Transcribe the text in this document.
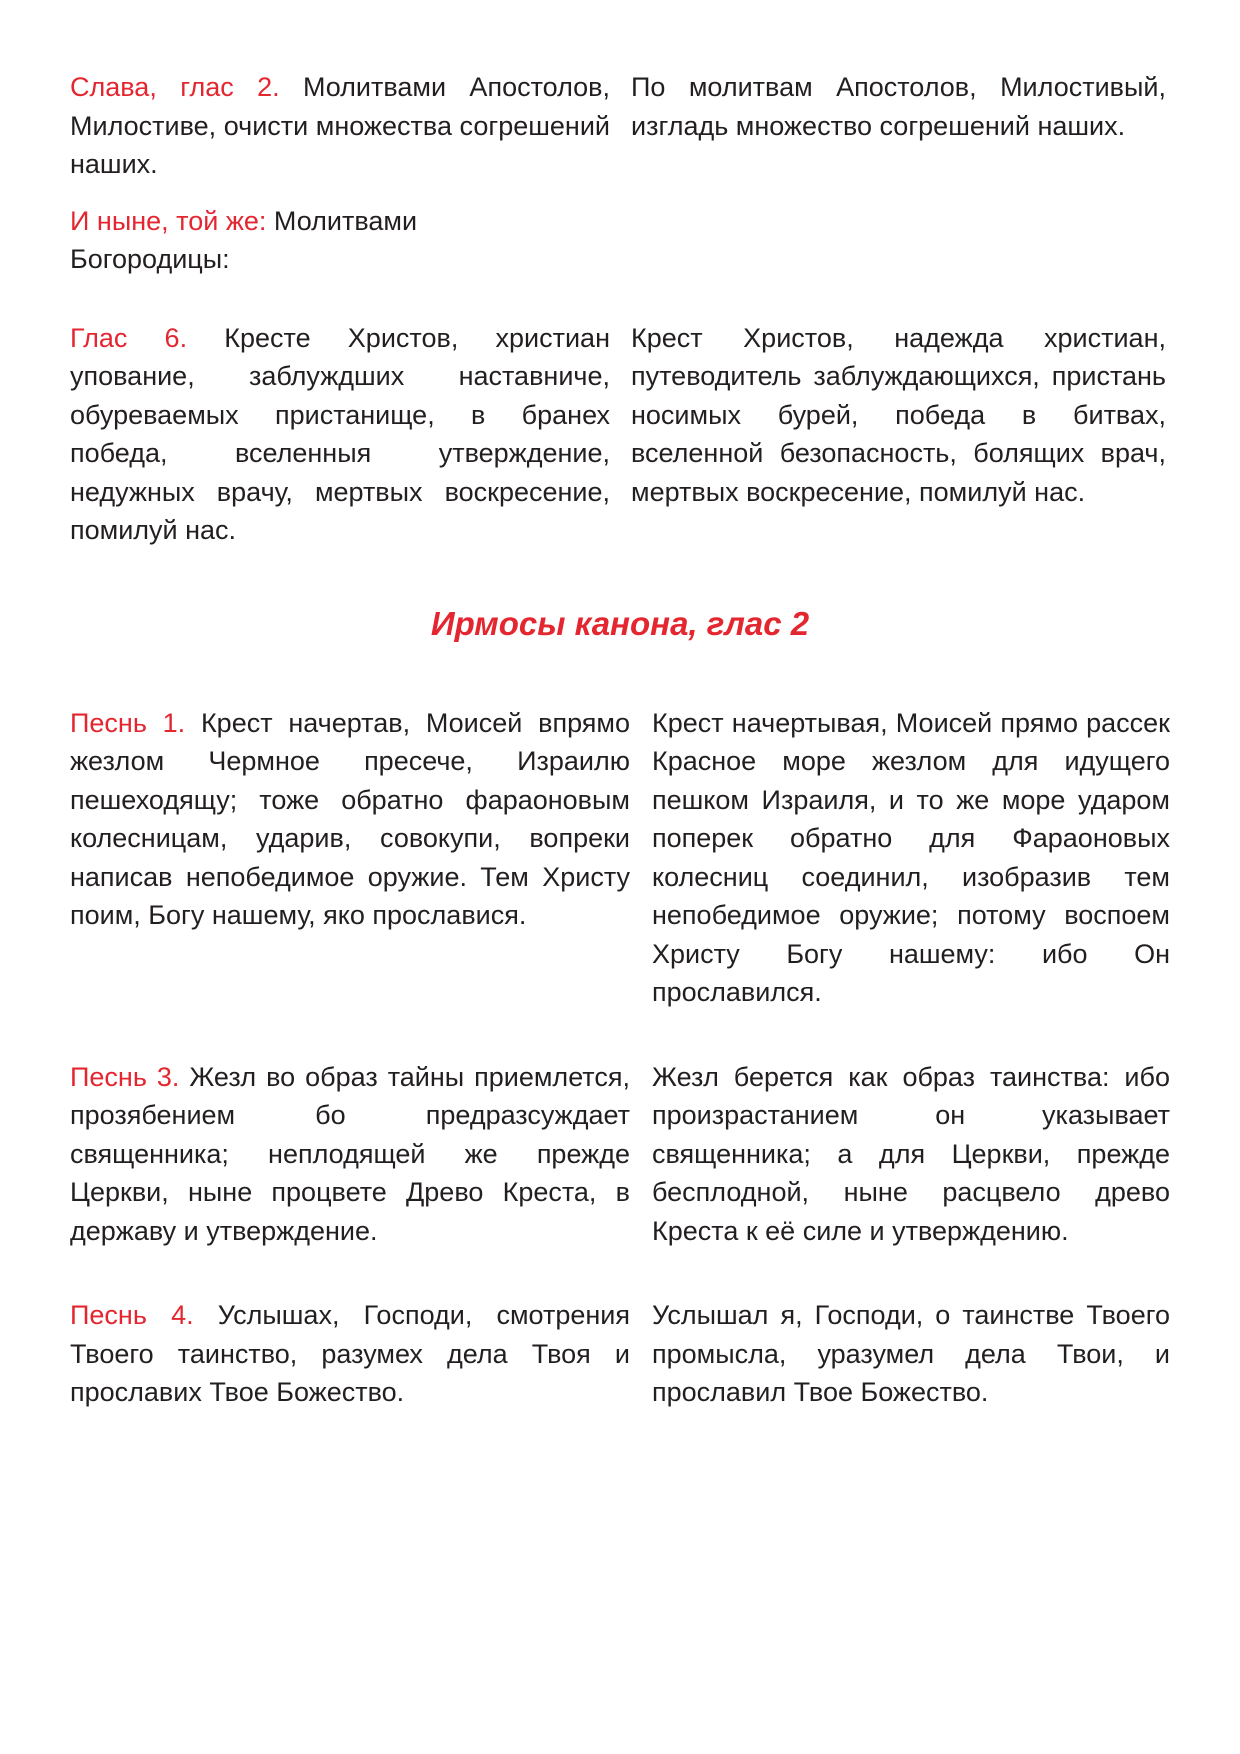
Слава, глас 2. Молитвами Апостолов, Милостиве, очисти множества согрешений наших.
По молитвам Апостолов, Милостивый, изгладь множество согрешений наших.
И ныне, той же: Молитвами Богородицы:
Глас 6. Кресте Христов, христиан упование, заблуждших наставниче, обуреваемых пристанище, в бранех победа, вселенныя утверждение, недужных врачу, мертвых воскресение, помилуй нас.
Крест Христов, надежда христиан, путеводитель заблуждающихся, пристань носимых бурей, победа в битвах, вселенной безопасность, болящих врач, мертвых воскресение, помилуй нас.
Ирмосы канона, глас 2
Песнь 1. Крест начертав, Моисей впрямо жезлом Чермное пресече, Израилю пешеходящу; тоже обратно фараоновым колесницам, ударив, совокупи, вопреки написав непобедимое оружие. Тем Христу поим, Богу нашему, яко прославися.
Крест начертывая, Моисей прямо рассек Красное море жезлом для идущего пешком Израиля, и то же море ударом поперек обратно для Фараоновых колесниц соединил, изобразив тем непобедимое оружие; потому воспоем Христу Богу нашему: ибо Он прославился.
Песнь 3. Жезл во образ тайны приемлется, прозябением бо предразсуждает священника; неплодящей же прежде Церкви, ныне процвете Древо Креста, в державу и утверждение.
Жезл берется как образ таинства: ибо произрастанием он указывает священника; а для Церкви, прежде бесплодной, ныне расцвело древо Креста к её силе и утверждению.
Песнь 4. Услышах, Господи, смотрения Твоего таинство, разумех дела Твоя и прославих Твое Божество.
Услышал я, Господи, о таинстве Твоего промысла, уразумел дела Твои, и прославил Твое Божество.
